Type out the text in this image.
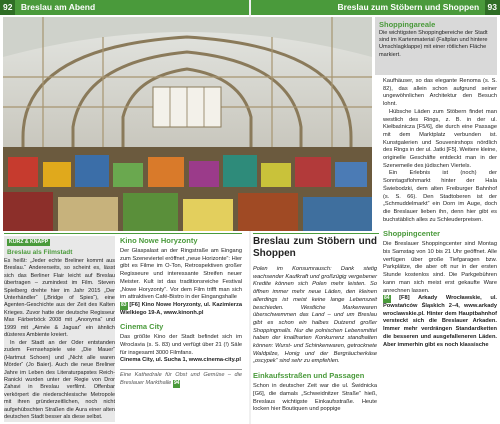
92 Breslau am Abend	Breslau zum Stöbern und Shoppen 93
Shoppingareale
Die wichtigsten Shoppingbereiche der Stadt sind im Kartenmaterial (Faltplan und hintere Umschlagklappe) mit einer rötlichen Fläche markiert.
KURZ & KNAPP
Breslau als Filmstadt

Es heißt: „Jeder echte Breliner kommt aus Breslau.“ Andererseits, so scheint es, lässt sich das Berliner Flair leicht auf Breslau übertragen – zumindest im Film. Steven Spielberg drehte hier im Jahr 2015 „Der Unterhändler“ („Bridge of Spies“), eine Agenten-Geschichte aus der Zeit des Kalten Krieges. Zuvor hatte der deutsche Regisseur Max Färberböck 2008 mit „Anonyma“ und 1999 mit „Aimée & Jaguar“ ein ähnlich düsteres Ambiente kreiert.

In der Stadt an der Oder entstanden zudem Fernsehspiele wie „Die Mauer“ (Hartmut Schoen) und „Nicht alle waren Mörder“ (Jo Baier). Auch die neue Breliner Jahre im Leben des Literaturpapstes Reich-Ranicki wurden unter der Regie von Dror Zahavi in Breslau verfilmt. Offenbar verkörpert die niederschlesische Metropole mit ihren gründerzeitlichen, noch nicht aufgehübschten Straßen die Aura einer alten deutschen Stadt besser als diese selbst.

Kino Nowe Horyzonty

Der Glaspalast an der Ringstraße am Eingang zum Szeneviertel eröffnet „neue Horizonte“: Hier gibt es Filme im O-Ton, Retrospektiven großer Regisseure und interessante Streifen neuer Meister. Kult ist das traditionsreiche Festival „Nowe Horyzonty“. Vor dem Film trifft man sich im attraktiven Café-Bistro in der Eingangshalle

83 [F6] Kino Nowe Horyzonty, ul. Kazimierza Wielkiego 19-A, www.kinonh.pl

Cinema City

Das größte Kino der Stadt befindet sich im Wroclavia (s. S. 83) und verfügt über 21 (!) Säle für insgesamt 3000 Filmfans.

Cinema City, ul. Sucha 1, www.cinema-city.pl

Eine Kathedrale für Obst und Gemüse – die Breslauer Markthalle 94
Breslau zum Stöbern und Shoppen

Polen im Konsumrausch: Dank stetig wachsender Kaufkraft und großzügig vergebener Kredite können sich Polen mehr leisten. So öffnen immer mehr neue Läden, den kleinen allerdings ist meist keine lange Lebenszeit beschieden. Westliche Markenwaren überschwemmen das Land – und um Breslau gibt es schon ein halbes Dutzend großer Shoppingmalls. Nur die polnischen Lebensmittel haben der knallharten Konkurrenz standhalten können: Wurst- und Schinkenwaren, getrocknete Waldpilze, Honig und der Bergräucherkäse „oscypek“ sind sehr zu empfehlen.

Einkaufsstraßen und Passagen

Schon in deutscher Zeit war die ul. Świdnicka [G6], die damals „Schweidnitzer Straße“ hieß, Breslaus wichtigste Einkaufsstraße. Heute locken hier Boutiquen und poppige

Kaufhäuser, so das elegante Renoma (s. S. 82), das allein schon aufgrund seiner ungewöhnlichen Architektur den Besuch lohnt.

Hübsche Läden zum Stöbern findet man westlich des Rings, z. B. in der ul. Kiełbaśnicza [F5/6], die durch eine Passage mit dem Marktplatz verbunden ist. Kunstgalerien und Souvenirshops nördlich des Rings in der ul. Jatki [F5]. Weitere kleine, originelle Geschäfte entdeckt man in der Szenemeile des jüdischen Viertels.

Ein Erlebnis ist (noch) der Sonntagsflohmarkt hinter der Hala Świebodzki, dem alten Freiburger Bahnhof (s. S. 66). Den Stadtoberen ist der „Schmuddelmarkt“ ein Dorn im Auge, doch die Breslauer lieben ihn, denn hier gibt es buchstäblich alles zu Schleuderpreisen.

Shoppingcenter

Die Breslauer Shoppingcenter sind Montag bis Samstag von 10 bis 21 Uhr geöffnet. Alle verfügen über große Tiefgaragen bzw. Parkplätze, die aber oft nur in der ersten Stunde kostenlos sind. Die Parkgebühren kann man sich meist erst gekaufte Ware anrechnen lassen.

84 [F8] Arkady Wrocławskie, ul. Powstańców Śląskich 2–4, www.arkady wroclawskie.pl. Hinter dem Hauptbahnhof versteckt sich die Breslauer Arkaden. Immer mehr verdrängen Standardketten die besseren und ausgefalleneren Läden. Aber immerhin gibt es noch klassische
